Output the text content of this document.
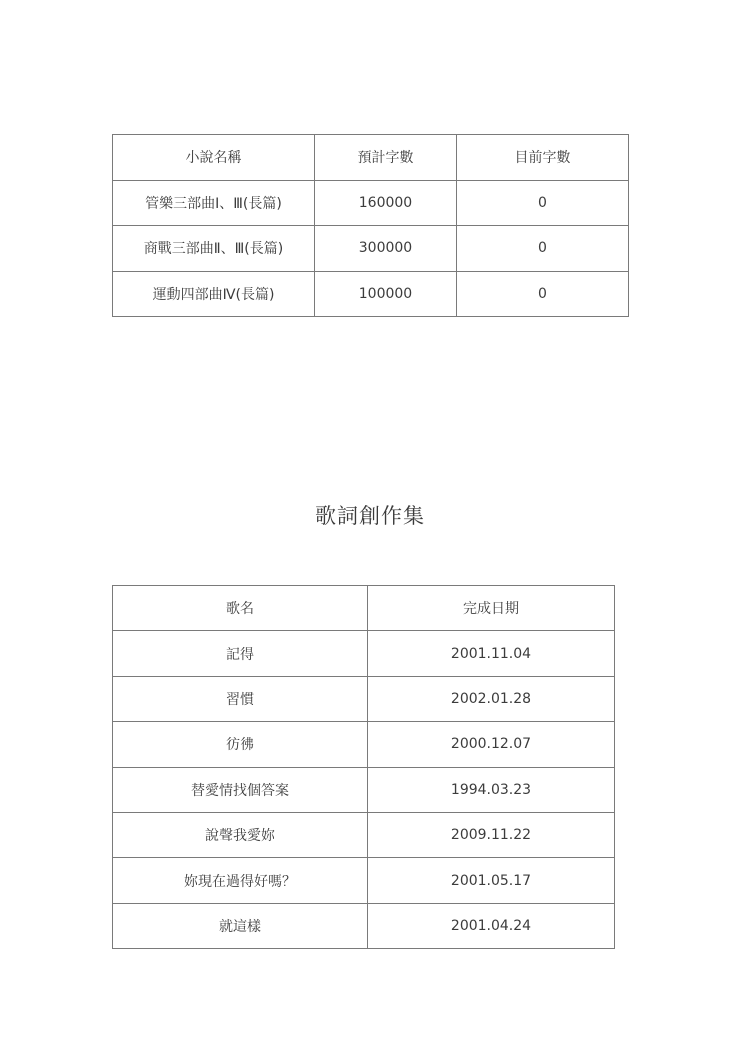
小說名稱	預計字數	目前字數
管樂三部曲Ⅰ、Ⅲ(長篇)	160000	0
商戰三部曲Ⅱ、Ⅲ(長篇)	300000	0
運動四部曲Ⅳ(長篇)	100000	0
歌詞創作集
歌名	完成日期
記得	2001.11.04
習慣	2002.01.28
彷彿	2000.12.07
替愛情找個答案	1994.03.23
說聲我愛妳	2009.11.22
妳現在過得好嗎？	2001.05.17
就這樣	2001.04.24
